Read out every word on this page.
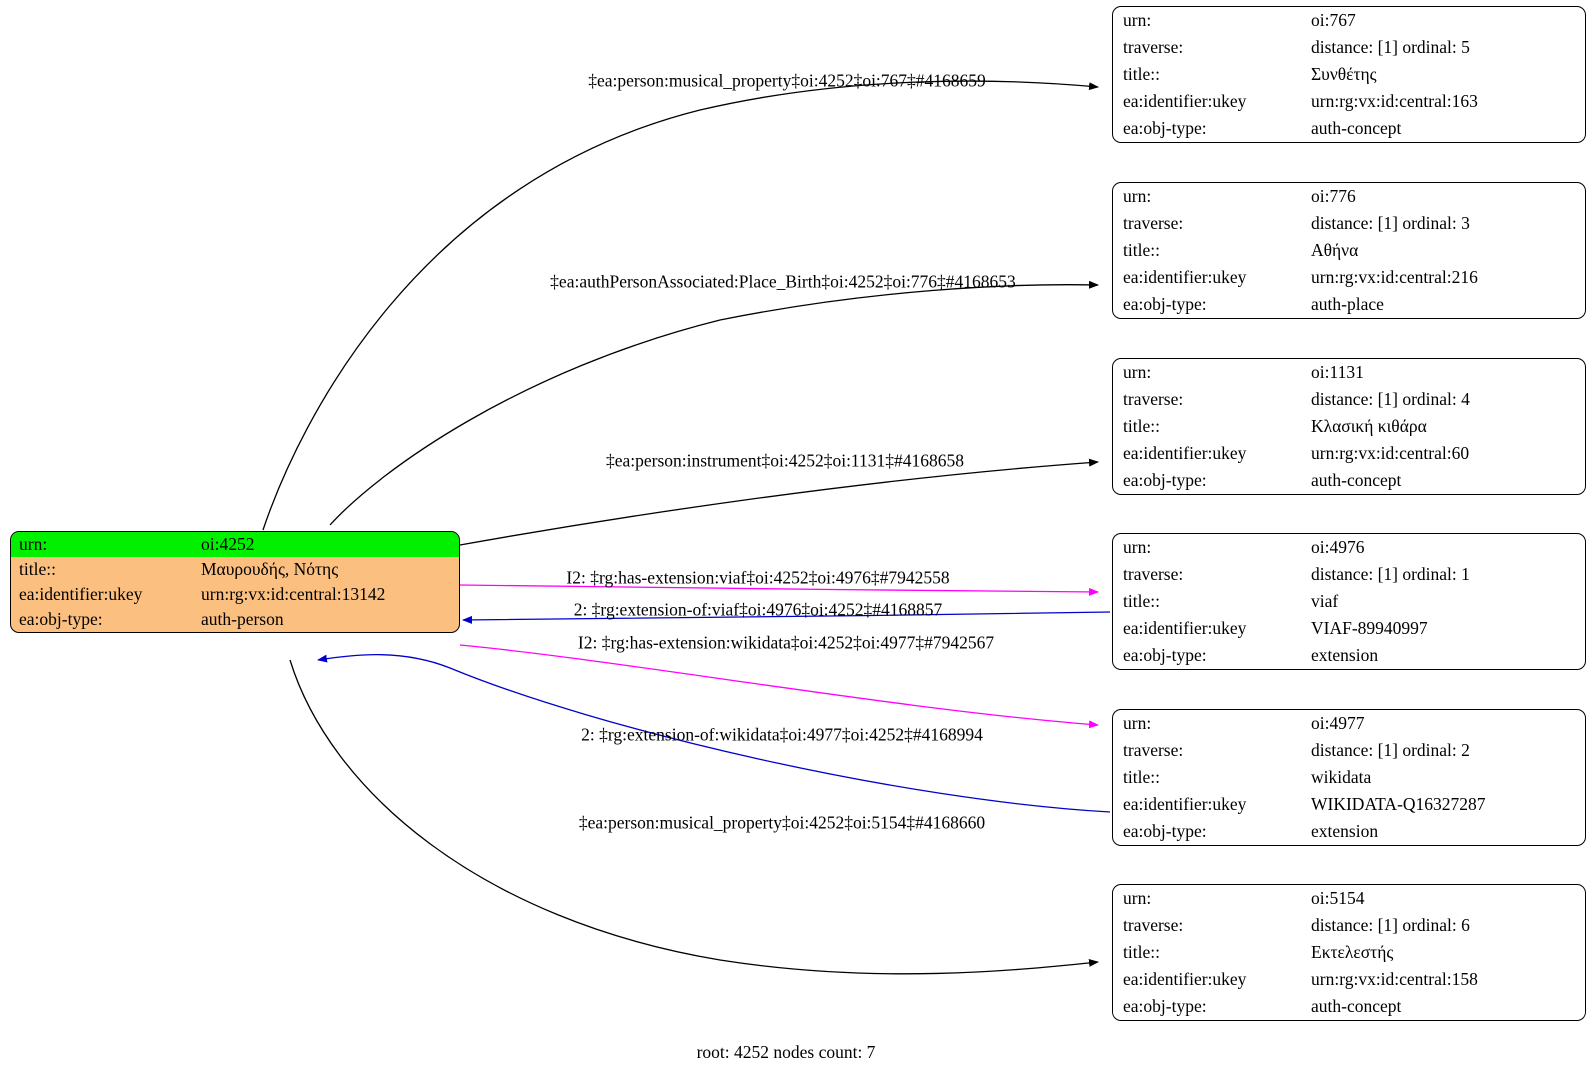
urn:	oi:4252
title::	Μαυρουδής, Νότης
ea:identifier:ukey	urn:rg:vx:id:central:13142
ea:obj-type:	auth-person
urn:	oi:767
traverse:	distance: [1] ordinal: 5
title::	Συνθέτης
ea:identifier:ukey	urn:rg:vx:id:central:163
ea:obj-type:	auth-concept
urn:	oi:776
traverse:	distance: [1] ordinal: 3
title::	Αθήνα
ea:identifier:ukey	urn:rg:vx:id:central:216
ea:obj-type:	auth-place
urn:	oi:1131
traverse:	distance: [1] ordinal: 4
title::	Κλασική κιθάρα
ea:identifier:ukey	urn:rg:vx:id:central:60
ea:obj-type:	auth-concept
urn:	oi:4976
traverse:	distance: [1] ordinal: 1
title::	viaf
ea:identifier:ukey	VIAF-89940997
ea:obj-type:	extension
urn:	oi:4977
traverse:	distance: [1] ordinal: 2
title::	wikidata
ea:identifier:ukey	WIKIDATA-Q16327287
ea:obj-type:	extension
urn:	oi:5154
traverse:	distance: [1] ordinal: 6
title::	Εκτελεστής
ea:identifier:ukey	urn:rg:vx:id:central:158
ea:obj-type:	auth-concept
‡ea:person:musical_property‡oi:4252‡oi:767‡#4168659
‡ea:authPersonAssociated:Place_Birth‡oi:4252‡oi:776‡#4168653
‡ea:person:instrument‡oi:4252‡oi:1131‡#4168658
I2: ‡rg:has-extension:viaf‡oi:4252‡oi:4976‡#7942558
2: ‡rg:extension-of:viaf‡oi:4976‡oi:4252‡#4168857
I2: ‡rg:has-extension:wikidata‡oi:4252‡oi:4977‡#7942567
2: ‡rg:extension-of:wikidata‡oi:4977‡oi:4252‡#4168994
‡ea:person:musical_property‡oi:4252‡oi:5154‡#4168660
root: 4252 nodes count: 7
